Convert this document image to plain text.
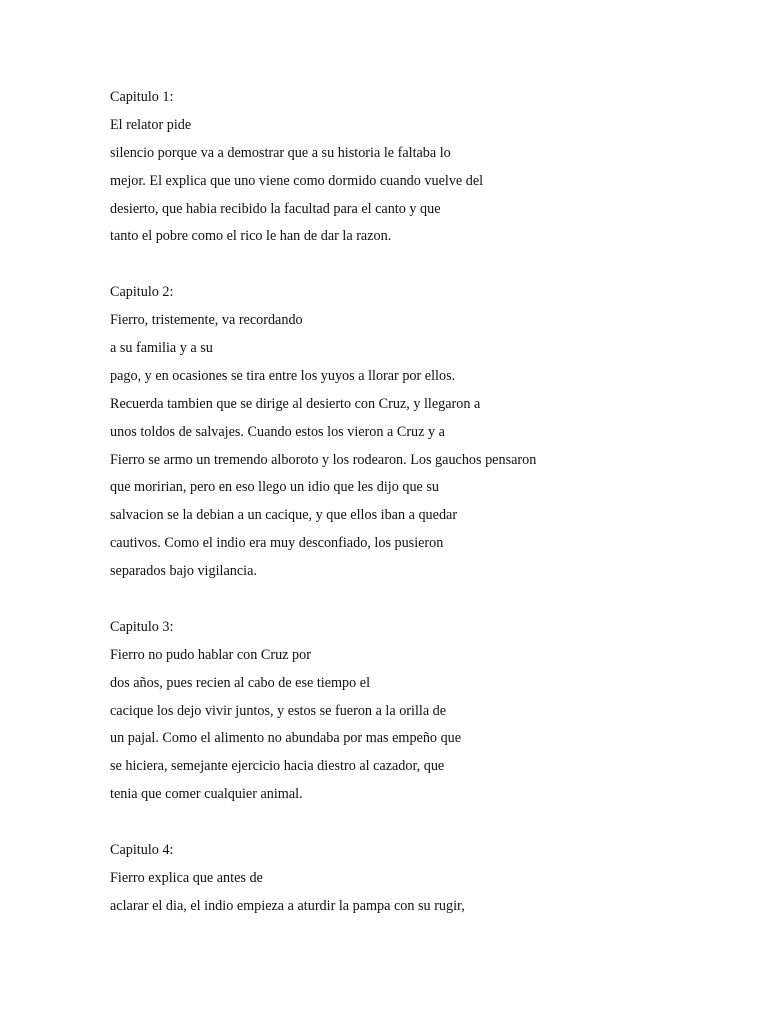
Capitulo 1:
El relator pide
silencio porque va a demostrar que a su historia le faltaba lo
mejor. El explica que uno viene como dormido cuando vuelve del
desierto, que habia recibido la facultad para el canto y que
tanto el pobre como el rico le han de dar la razon.
Capitulo 2:
Fierro, tristemente, va recordando
a su familia y a su
pago, y en ocasiones se tira entre los yuyos a llorar por ellos.
Recuerda tambien que se dirige al desierto con Cruz, y llegaron a
unos toldos de salvajes. Cuando estos los vieron a Cruz y a
Fierro se armo un tremendo alboroto y los rodearon. Los gauchos pensaron
que moririan, pero en eso llego un idio que les dijo que su
salvacion se la debian a un cacique, y que ellos iban a quedar
cautivos. Como el indio era muy desconfiado, los pusieron
separados bajo vigilancia.
Capitulo 3:
Fierro no pudo hablar con Cruz por
dos años, pues recien al cabo de ese tiempo el
cacique los dejo vivir juntos, y estos se fueron a la orilla de
un pajal. Como el alimento no abundaba por mas empeño que
se hiciera, semejante ejercicio hacia diestro al cazador, que
tenia que comer cualquier animal.
Capitulo 4:
Fierro explica que antes de
aclarar el dia, el indio empieza a aturdir la pampa con su rugir,
